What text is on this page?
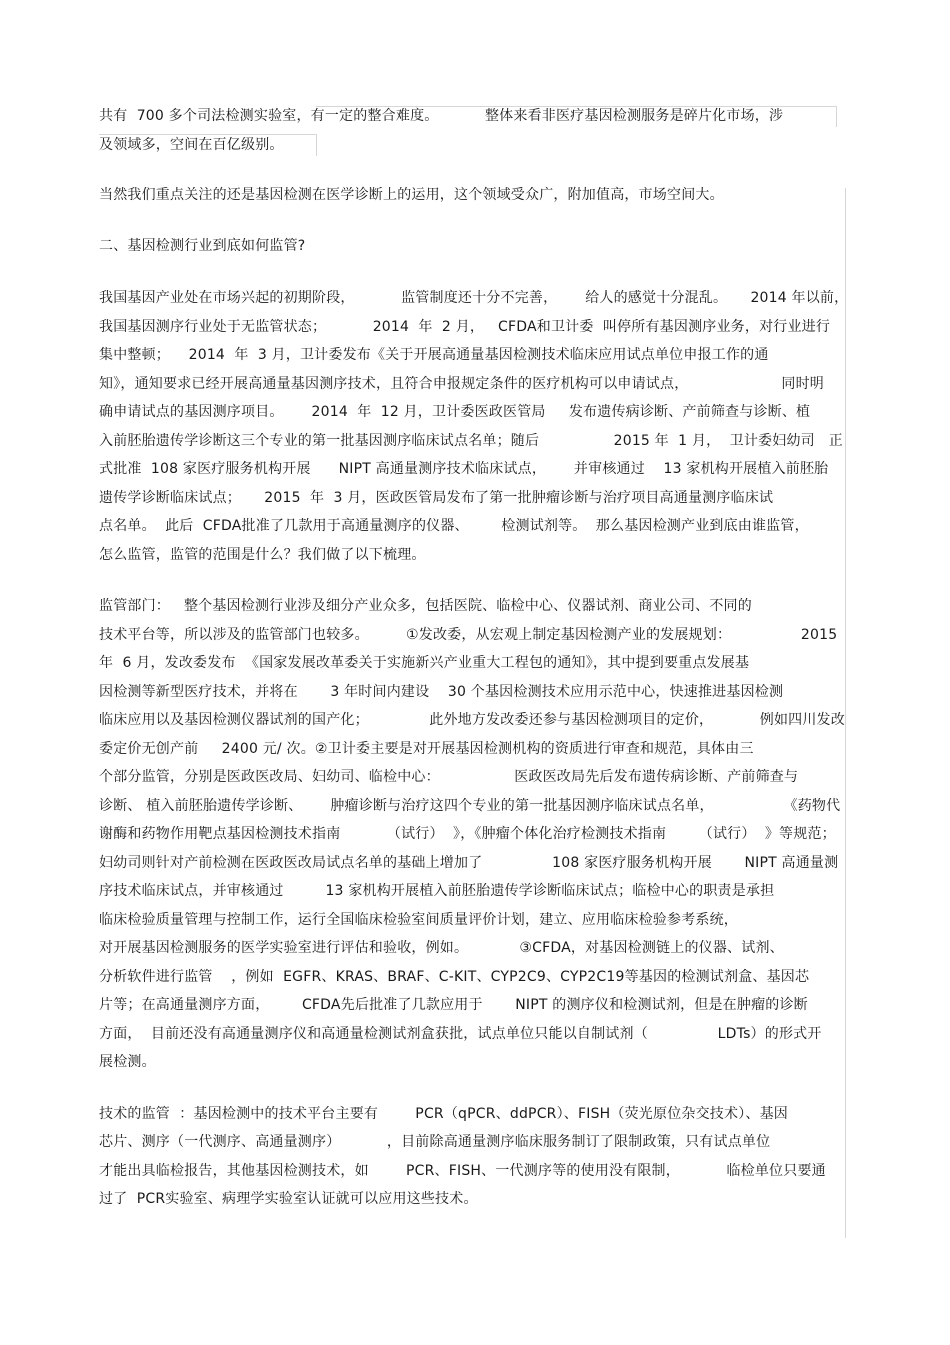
共有  700 多个司法检测实验室，有一定的整合难度。          整体来看非医疗基因检测服务是碎片化市场，涉
及领域多，空间在百亿级别。
当然我们重点关注的还是基因检测在医学诊断上的运用，这个领域受众广，附加值高，市场空间大。
二、基因检测行业到底如何监管?
我国基因产业处在市场兴起的初期阶段，          监管制度还十分不完善，      给人的感觉十分混乱。     2014 年以前，
我国基因测序行业处于无监管状态；          2014  年  2 月，   CFDA和卫计委  叫停所有基因测序业务，对行业进行
集中整顿；    2014  年  3 月，卫计委发布《关于开展高通量基因检测技术临床应用试点单位申报工作的通
知》，通知要求已经开展高通量基因测序技术，且符合申报规定条件的医疗机构可以申请试点，                    同时明
确申请试点的基因测序项目。      2014  年  12 月，卫计委医政医管局     发布遗传病诊断、产前筛查与诊断、植
入前胚胎遗传学诊断这三个专业的第一批基因测序临床试点名单；随后                2015 年  1 月，  卫计委妇幼司   正
式批准  108 家医疗服务机构开展      NIPT 高通量测序技术临床试点，      并审核通过    13 家机构开展植入前胚胎
遗传学诊断临床试点；     2015  年  3 月，医政医管局发布了第一批肿瘤诊断与治疗项目高通量测序临床试
点名单。  此后  CFDA批准了几款用于高通量测序的仪器、       检测试剂等。  那么基因检测产业到底由谁监管，
怎么监管，监管的范围是什么？我们做了以下梳理。
监管部门：   整个基因检测行业涉及细分产业众多，包括医院、临检中心、仪器试剂、商业公司、不同的
技术平台等，所以涉及的监管部门也较多。        ①发改委，从宏观上制定基因检测产业的发展规划：               2015
年  6 月，发改委发布  《国家发展改革委关于实施新兴产业重大工程包的通知》，其中提到要重点发展基
因检测等新型医疗技术，并将在       3 年时间内建设    30 个基因检测技术应用示范中心，快速推进基因检测
临床应用以及基因检测仪器试剂的国产化；             此外地方发改委还参与基因检测项目的定价，          例如四川发改
委定价无创产前     2400 元/ 次。②卫计委主要是对开展基因检测机构的资质进行审查和规范，具体由三
个部分监管，分别是医政医改局、妇幼司、临检中心：                医政医改局先后发布遗传病诊断、产前筛查与
诊断、 植入前胚胎遗传学诊断、      肿瘤诊断与治疗这四个专业的第一批基因测序临床试点名单，               《药物代
谢酶和药物作用靶点基因检测技术指南          （试行）  》，《肿瘤个体化治疗检测技术指南       （试行）  》等规范；
妇幼司则针对产前检测在医政医改局试点名单的基础上增加了               108 家医疗服务机构开展       NIPT 高通量测
序技术临床试点，并审核通过         13 家机构开展植入前胚胎遗传学诊断临床试点；临检中心的职责是承担
临床检验质量管理与控制工作，运行全国临床检验室间质量评价计划，建立、应用临床检验参考系统，
对开展基因检测服务的医学实验室进行评估和验收，例如。           ③CFDA，对基因检测链上的仪器、试剂、
分析软件进行监管    ，例如  EGFR、KRAS、BRAF、C-KIT、CYP2C9、CYP2C19等基因的检测试剂盒、基因芯
片等；在高通量测序方面，       CFDA先后批准了几款应用于       NIPT 的测序仪和检测试剂，但是在肿瘤的诊断
方面，  目前还没有高通量测序仪和高通量检测试剂盒获批，试点单位只能以自制试剂（               LDTs）的形式开
展检测。
技术的监管  ：基因检测中的技术平台主要有        PCR（qPCR、ddPCR）、FISH（荧光原位杂交技术）、基因
芯片、测序（一代测序、高通量测序）          ，目前除高通量测序临床服务制订了限制政策，只有试点单位
才能出具临检报告，其他基因检测技术，如        PCR、FISH、一代测序等的使用没有限制，          临检单位只要通
过了  PCR实验室、病理学实验室认证就可以应用这些技术。
